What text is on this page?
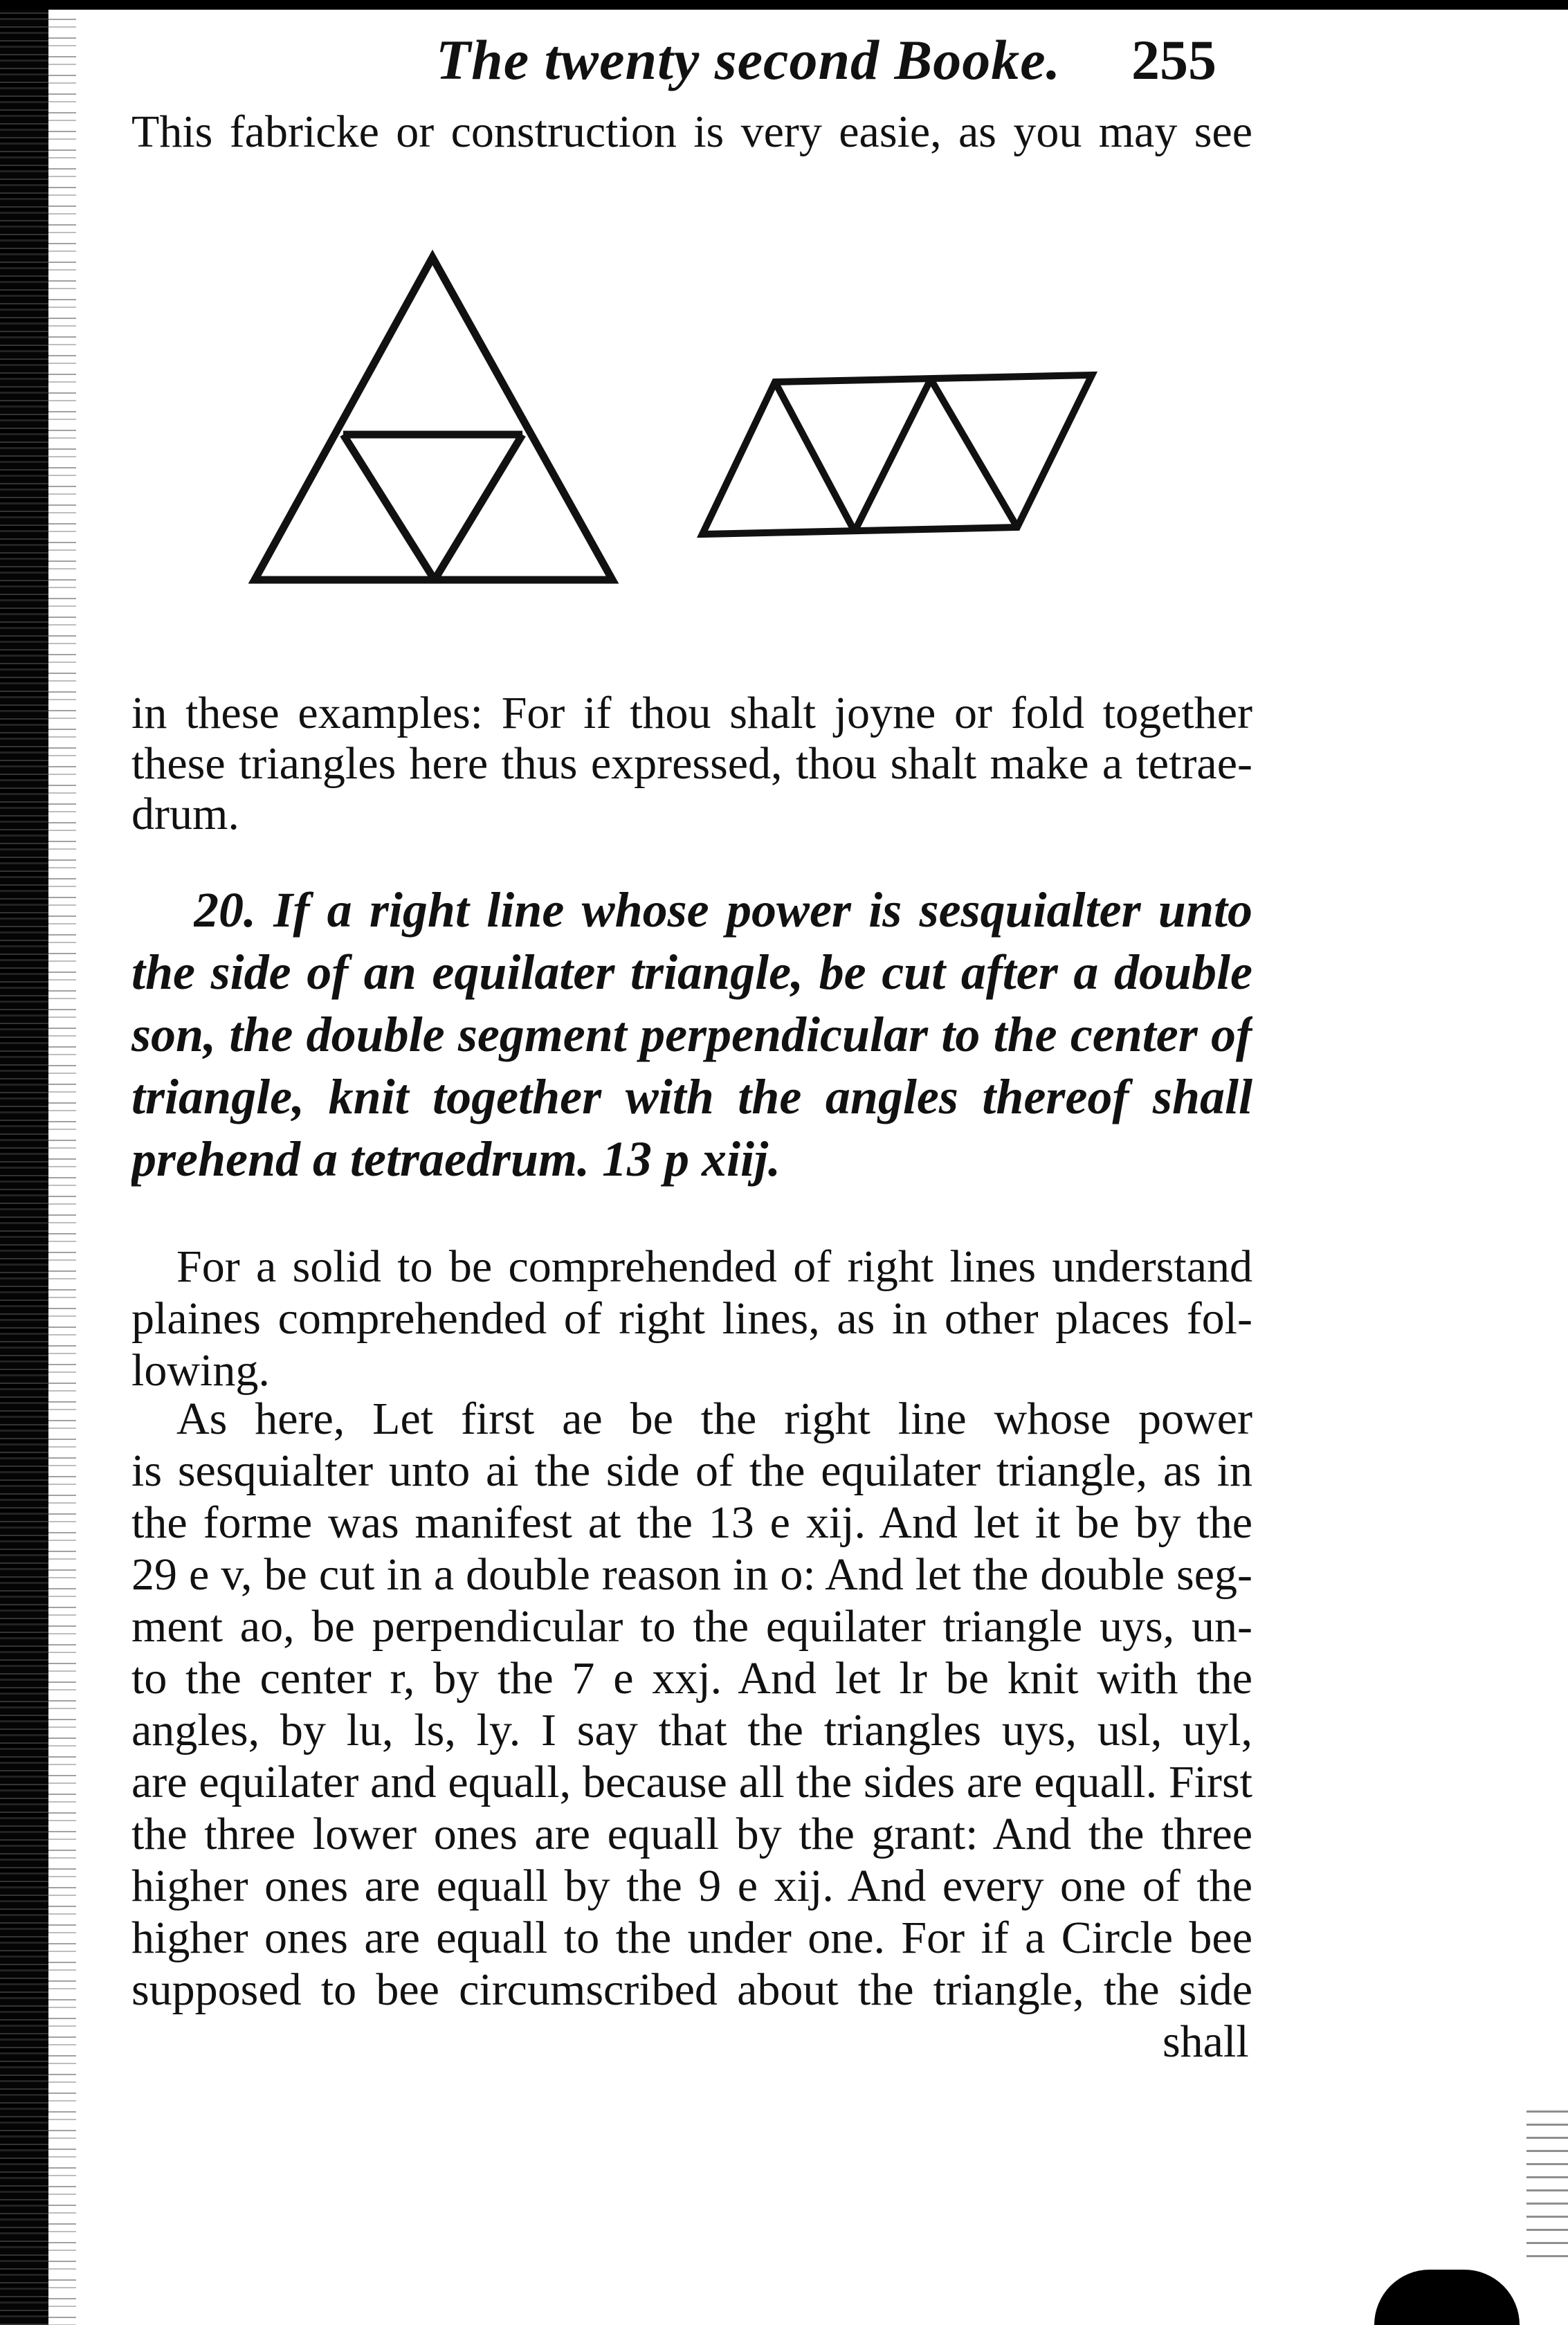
The twenty second Booke. 255
This fabricke or construction is very easie, as you may see
in these examples: For if thou shalt joyne or fold together
these triangles here thus expressed, thou shalt make a tetrae-
drum.
20. If a right line whose power is sesquialter unto
the side of an equilater triangle, be cut after a double
son, the double segment perpendicular to the center of
triangle, knit together with the angles thereof shall
prehend a tetraedrum. 13 p xiij.
For a solid to be comprehended of right lines understand
plaines comprehended of right lines, as in other places fol-
lowing.
As here, Let first ae be the right line whose power
is sesquialter unto ai the side of the equilater triangle, as in
the forme was manifest at the 13 e xij. And let it be by the
29 e v, be cut in a double reason in o: And let the double seg-
ment ao, be perpendicular to the equilater triangle uys, un-
to the center r, by the 7 e xxj. And let lr be knit with the
angles, by lu, ls, ly. I say that the triangles uys, usl, uyl,
are equilater and equall, because all the sides are equall. First
the three lower ones are equall by the grant: And the three
higher ones are equall by the 9 e xij. And every one of the
higher ones are equall to the under one. For if a Circle bee
supposed to bee circumscribed about the triangle, the side
shall
